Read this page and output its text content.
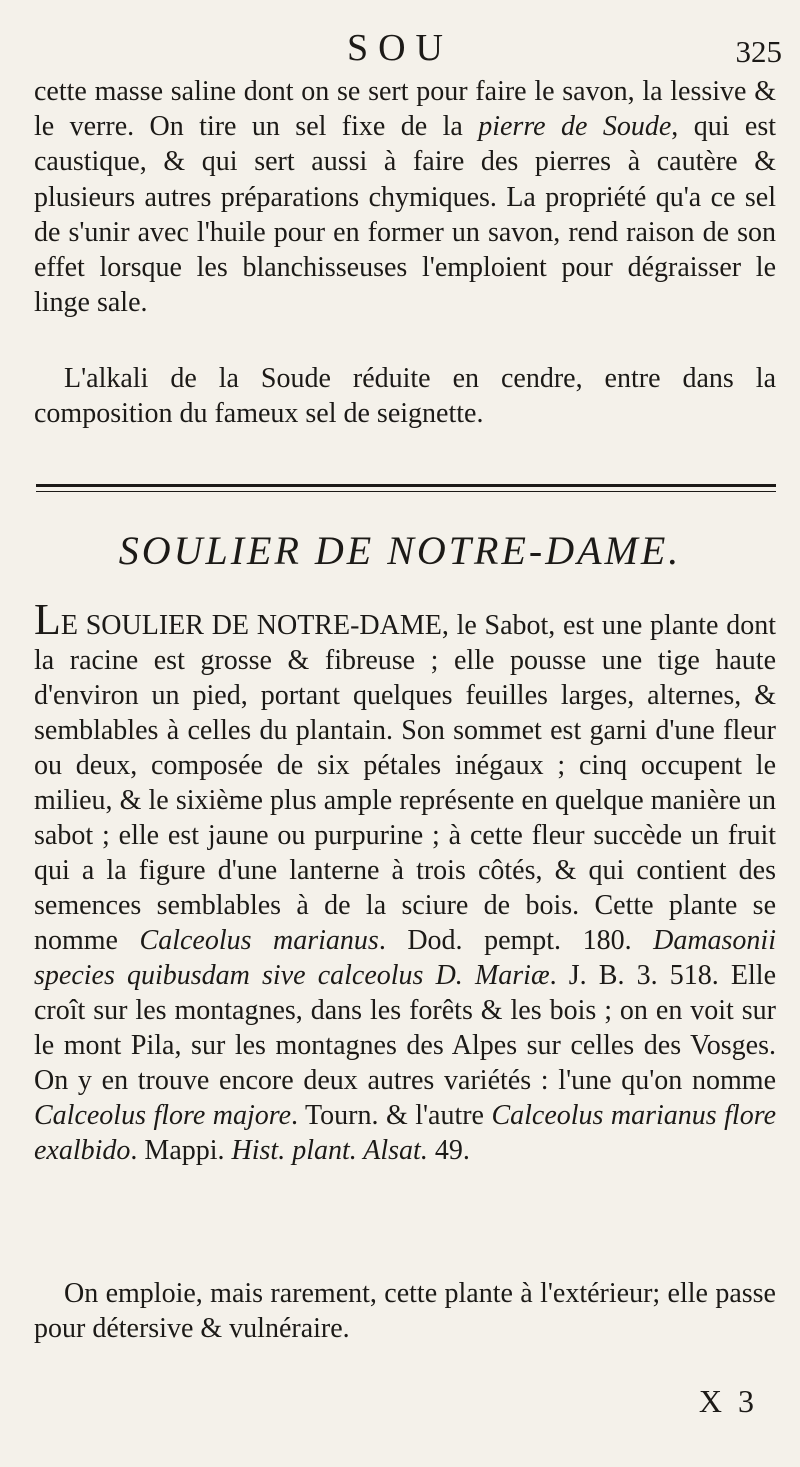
SOU	325
cette masse saline dont on se sert pour faire le savon, la lessive & le verre. On tire un sel fixe de la pierre de Soude, qui est caustique, & qui sert aussi à faire des pierres à cautère & plusieurs autres préparations chymiques. La propriété qu'a ce sel de s'unir avec l'huile pour en former un savon, rend raison de son effet lorsque les blanchisseuses l'emploient pour dégraisser le linge sale.
L'alkali de la Soude réduite en cendre, entre dans la composition du fameux sel de seignette.
SOULIER DE NOTRE-DAME.
LE SOULIER DE NOTRE-DAME, le Sabot, est une plante dont la racine est grosse & fibreuse ; elle pousse une tige haute d'environ un pied, portant quelques feuilles larges, alternes, & semblables à celles du plantain. Son sommet est garni d'une fleur ou deux, composée de six pétales inégaux ; cinq occupent le milieu, & le sixième plus ample représente en quelque manière un sabot ; elle est jaune ou purpurine ; à cette fleur succède un fruit qui a la figure d'une lanterne à trois côtés, & qui contient des semences semblables à de la sciure de bois. Cette plante se nomme Calceolus marianus. Dod. pempt. 180. Damasonii species quibusdam sive calceolus D. Mariæ. J. B. 3. 518. Elle croît sur les montagnes, dans les forêts & les bois ; on en voit sur le mont Pila, sur les montagnes des Alpes sur celles des Vosges. On y en trouve encore deux autres variétés : l'une qu'on nomme Calceolus flore majore. Tourn. & l'autre Calceolus marianus flore exalbido. Mappi. Hist. plant. Alsat. 49.
On emploie, mais rarement, cette plante à l'extérieur; elle passe pour détersive & vulnéraire.
X 3
